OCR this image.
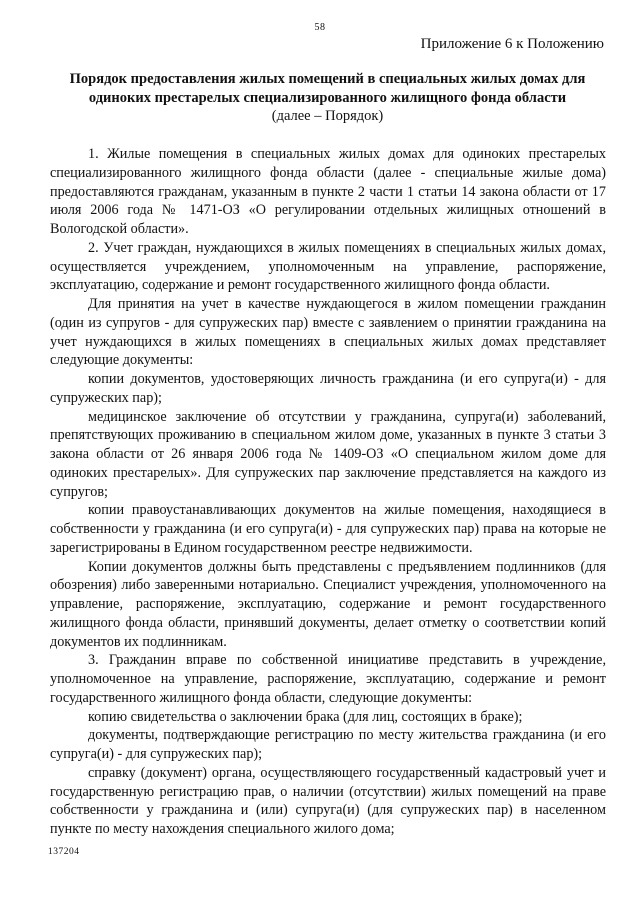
58
Приложение 6 к Положению
Порядок предоставления жилых помещений в специальных жилых домах для одиноких престарелых специализированного жилищного фонда области
(далее – Порядок)

1. Жилые помещения в специальных жилых домах для одиноких престарелых специализированного жилищного фонда области (далее - специальные жилые дома) предоставляются гражданам, указанным в пункте 2 части 1 статьи 14 закона области от 17 июля 2006 года № 1471-ОЗ «О регулировании отдельных жилищных отношений в Вологодской области».

2. Учет граждан, нуждающихся в жилых помещениях в специальных жилых домах, осуществляется учреждением, уполномоченным на управление, распоряжение, эксплуатацию, содержание и ремонт государственного жилищного фонда области.

Для принятия на учет в качестве нуждающегося в жилом помещении гражданин (один из супругов - для супружеских пар) вместе с заявлением о принятии гражданина на учет нуждающихся в жилых помещениях в специальных жилых домах представляет следующие документы:

копии документов, удостоверяющих личность гражданина (и его супруга(и) - для супружеских пар);

медицинское заключение об отсутствии у гражданина, супруга(и) заболеваний, препятствующих проживанию в специальном жилом доме, указанных в пункте 3 статьи 3 закона области от 26 января 2006 года № 1409-ОЗ «О специальном жилом доме для одиноких престарелых». Для супружеских пар заключение представляется на каждого из супругов;

копии правоустанавливающих документов на жилые помещения, находящиеся в собственности у гражданина (и его супруга(и) - для супружеских пар) права на которые не зарегистрированы в Едином государственном реестре недвижимости.

Копии документов должны быть представлены с предъявлением подлинников (для обозрения) либо заверенными нотариально. Специалист учреждения, уполномоченного на управление, распоряжение, эксплуатацию, содержание и ремонт государственного жилищного фонда области, принявший документы, делает отметку о соответствии копий документов их подлинникам.

3. Гражданин вправе по собственной инициативе представить в учреждение, уполномоченное на управление, распоряжение, эксплуатацию, содержание и ремонт государственного жилищного фонда области, следующие документы:

копию свидетельства о заключении брака (для лиц, состоящих в браке);

документы, подтверждающие регистрацию по месту жительства гражданина (и его супруга(и) - для супружеских пар);

справку (документ) органа, осуществляющего государственный кадастровый учет и государственную регистрацию прав, о наличии (отсутствии) жилых помещений на праве собственности у гражданина и (или) супруга(и) (для супружеских пар) в населенном пункте по месту нахождения специального жилого дома;

137204
